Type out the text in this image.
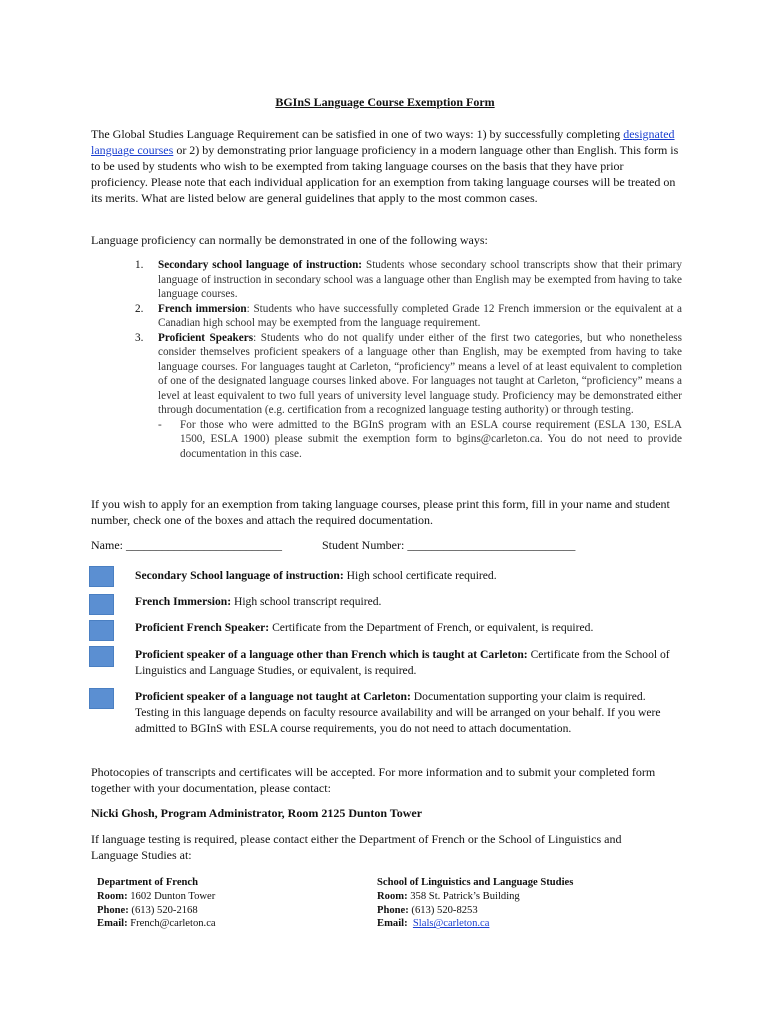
BGInS Language Course Exemption Form
The Global Studies Language Requirement can be satisfied in one of two ways: 1) by successfully completing designated language courses or 2) by demonstrating prior language proficiency in a modern language other than English. This form is to be used by students who wish to be exempted from taking language courses on the basis that they have prior proficiency. Please note that each individual application for an exemption from taking language courses will be treated on its merits. What are listed below are general guidelines that apply to the most common cases.
Language proficiency can normally be demonstrated in one of the following ways:
1. Secondary school language of instruction: Students whose secondary school transcripts show that their primary language of instruction in secondary school was a language other than English may be exempted from having to take language courses.
2. French immersion: Students who have successfully completed Grade 12 French immersion or the equivalent at a Canadian high school may be exempted from the language requirement.
3. Proficient Speakers: Students who do not qualify under either of the first two categories, but who nonetheless consider themselves proficient speakers of a language other than English, may be exempted from having to take language courses. For languages taught at Carleton, “proficiency” means a level of at least equivalent to completion of one of the designated language courses linked above. For languages not taught at Carleton, “proficiency” means a level at least equivalent to two full years of university level language study. Proficiency may be demonstrated either through documentation (e.g. certification from a recognized language testing authority) or through testing.
- For those who were admitted to the BGInS program with an ESLA course requirement (ESLA 130, ESLA 1500, ESLA 1900) please submit the exemption form to bgins@carleton.ca. You do not need to provide documentation in this case.
If you wish to apply for an exemption from taking language courses, please print this form, fill in your name and student number, check one of the boxes and attach the required documentation.
Name: __________________________	Student Number: ____________________________
Secondary School language of instruction: High school certificate required.
French Immersion: High school transcript required.
Proficient French Speaker: Certificate from the Department of French, or equivalent, is required.
Proficient speaker of a language other than French which is taught at Carleton: Certificate from the School of Linguistics and Language Studies, or equivalent, is required.
Proficient speaker of a language not taught at Carleton: Documentation supporting your claim is required. Testing in this language depends on faculty resource availability and will be arranged on your behalf. If you were admitted to BGInS with ESLA course requirements, you do not need to attach documentation.
Photocopies of transcripts and certificates will be accepted. For more information and to submit your completed form together with your documentation, please contact:
Nicki Ghosh, Program Administrator, Room 2125 Dunton Tower
If language testing is required, please contact either the Department of French or the School of Linguistics and Language Studies at:
Department of French
Room: 1602 Dunton Tower
Phone: (613) 520-2168
Email: French@carleton.ca
School of Linguistics and Language Studies
Room: 358 St. Patrick’s Building
Phone: (613) 520-8253
Email: Slals@carleton.ca
